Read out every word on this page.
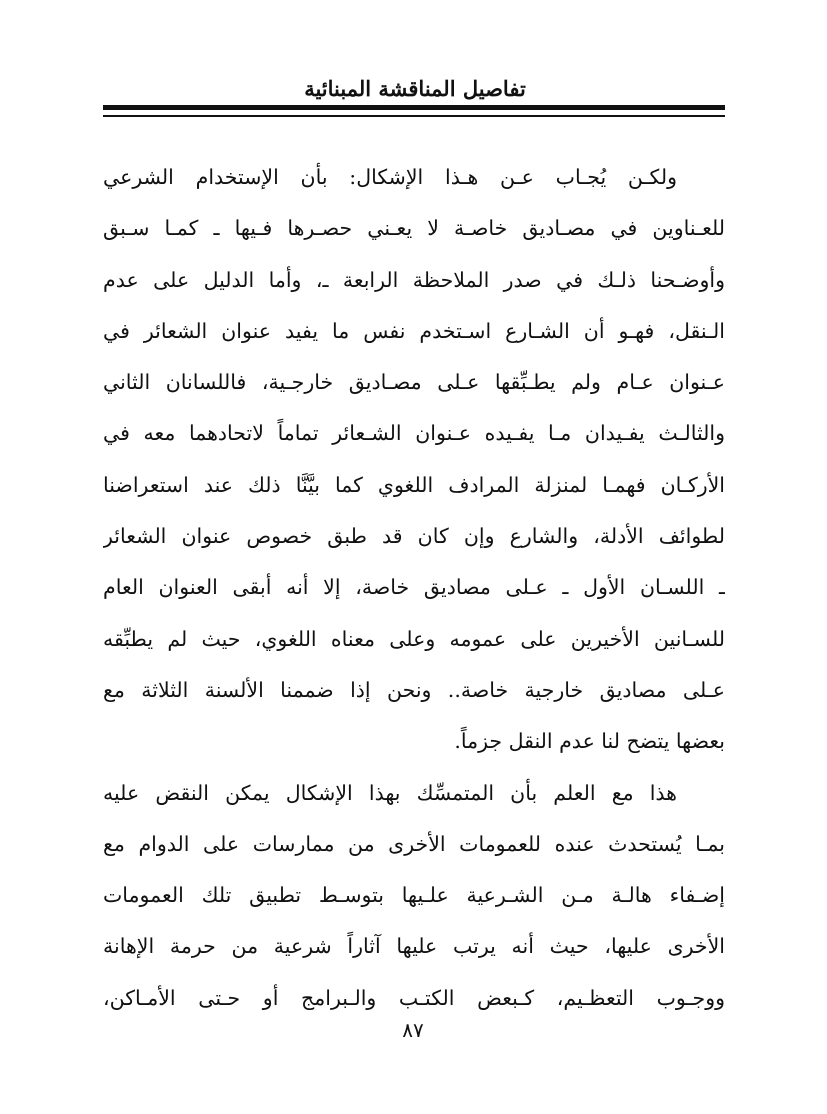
تفاصيل المناقشة المبنائية
ولكـن يُجـاب عـن هـذا الإشكال: بأن الإستخدام الشرعي
للعـناوين في مصـاديق خاصـة لا يعـني حصـرها فـيها ـ كمـا سـبق
وأوضـحنا ذلـك في صدر الملاحظة الرابعة ـ، وأما الدليل على عدم
الـنقل، فهـو أن الشـارع اسـتخدم نفس ما يفيد عنوان الشعائر في
عـنوان عـام ولم يطـبِّقها عـلى مصـاديق خارجـية، فاللسانان الثاني
والثالـث يفـيدان مـا يفـيده عـنوان الشـعائر تماماً لاتحادهما معه في
الأركـان فهمـا لمنزلة المرادف اللغوي كما بيَّنَّا ذلك عند استعراضنا
لطوائف الأدلة، والشارع وإن كان قد طبق خصوص عنوان الشعائر
ـ اللسـان الأول ـ عـلى مصاديق خاصة، إلا أنه أبقى العنوان العام
للسـانين الأخيرين على عمومه وعلى معناه اللغوي، حيث لم يطبِّقه
عـلى مصاديق خارجية خاصة.. ونحن إذا ضممنا الألسنة الثلاثة مع
بعضها يتضح لنا عدم النقل جزماً.
هذا مع العلم بأن المتمسِّك بهذا الإشكال يمكن النقض عليه
بمـا يُستحدث عنده للعمومات الأخرى من ممارسات على الدوام مع
إضـفاء هالـة مـن الشـرعية علـيها بتوسـط تطبيق تلك العمومات
الأخرى عليها، حيث أنه يرتب عليها آثاراً شرعية من حرمة الإهانة
ووجـوب التعظـيم، كـبعض الكتـب والـبرامج أو حـتى الأمـاكن،
٨٧
